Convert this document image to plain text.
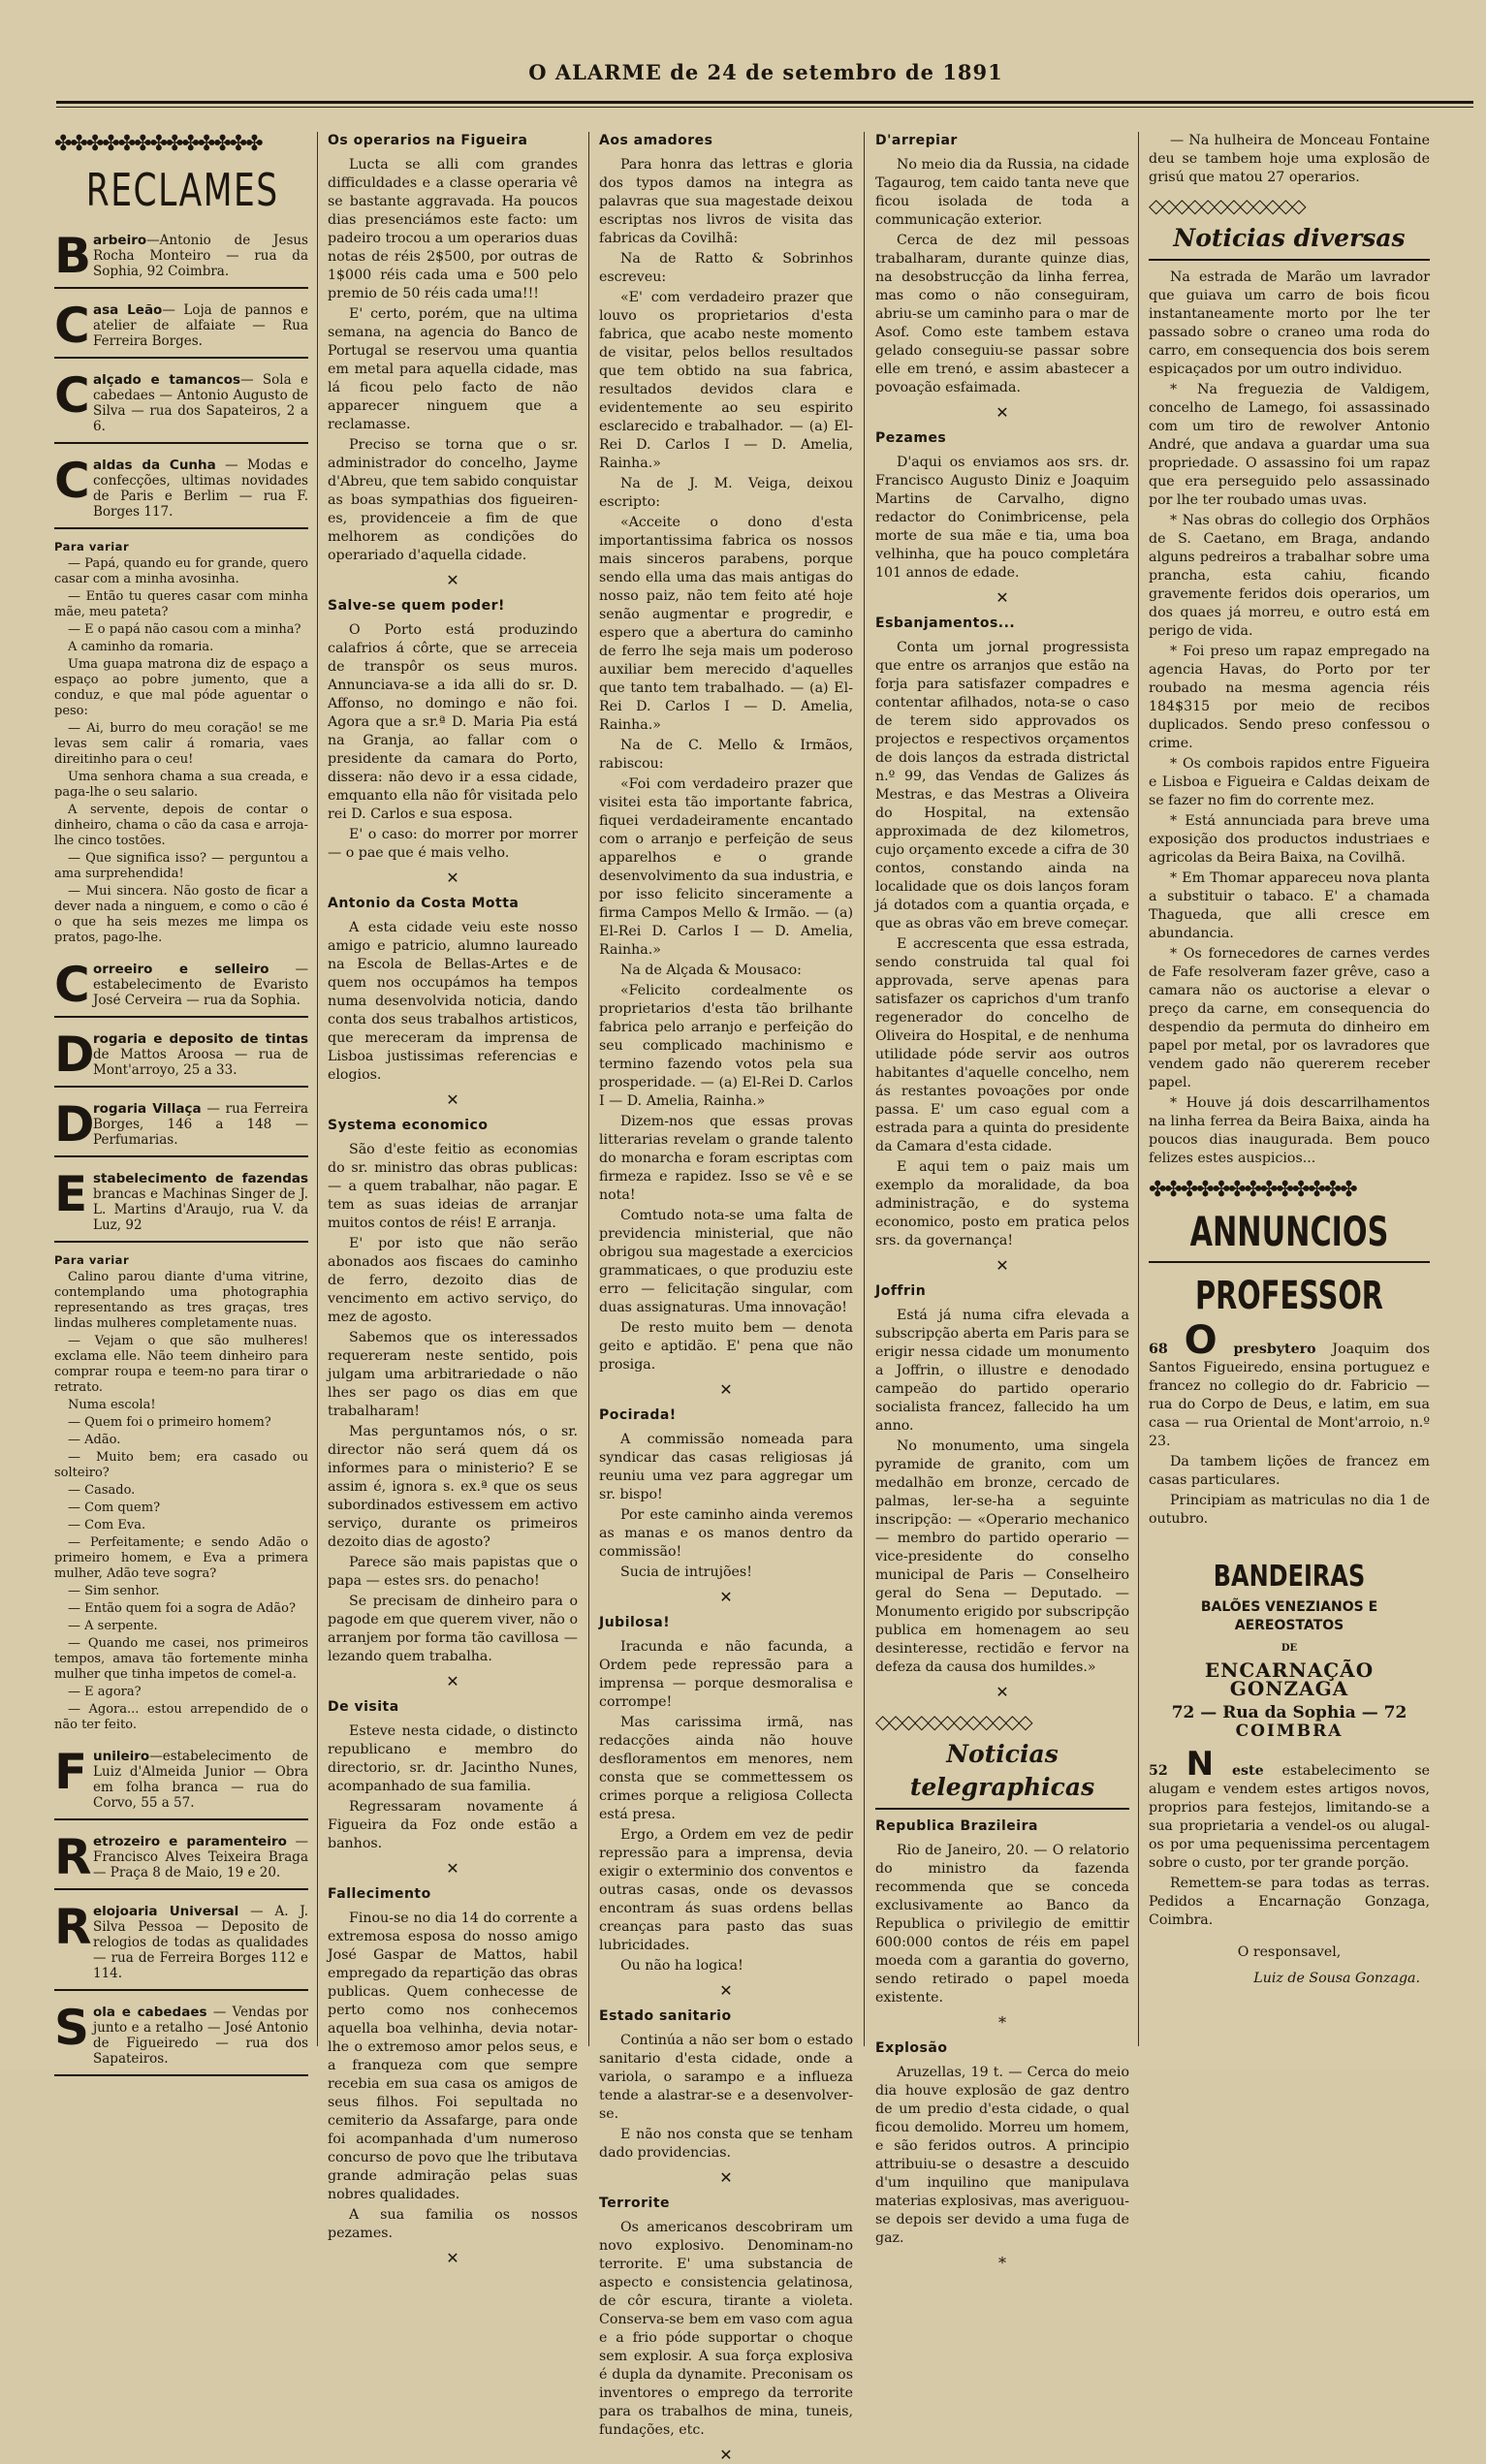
O ALARME de 24 de setembro de 1891
✤✤✤✤✤✤✤✤✤✤✤✤✤
RECLAMES
B arbeiro—Antonio de Jesus Rocha Monteiro — rua da Sophia, 92 Coimbra.
C asa Leão— Loja de pannos e atelier de alfaiate — Rua Ferreira Borges.
C alçado e tamancos— Sola e cabedaes — Antonio Augusto de Silva — rua dos Sapateiros, 2 a 6.
C aldas da Cunha — Modas e confecções, ultimas novidades de Paris e Berlim — rua F. Borges 117.
Para variar
— Papá, quando eu for grande, quero casar com a minha avosinha.
— Então tu queres casar com minha mãe, meu pateta?
— E o papá não casou com a minha?
A caminho da romaria.
Uma guapa matrona diz de espaço a espaço ao pobre jumento, que a conduz, e que mal póde aguentar o peso:
— Ai, burro do meu coração! se me levas sem calir á romaria, vaes direitinho para o ceu!
Uma senhora chama a sua creada, e paga-lhe o seu salario.
A servente, depois de contar o dinheiro, chama o cão da casa e arroja-lhe cinco tostões.
— Que significa isso? — perguntou a ama surprehendida!
— Mui sincera. Não gosto de ficar a dever nada a ninguem, e como o cão é o que ha seis mezes me limpa os pratos, pago-lhe.
C orreeiro e selleiro — estabelecimento de Evaristo José Cerveira — rua da Sophia.
D
rogaria e deposito de tintas de Mattos Aroosa — rua de Mont'arroyo, 25 a 33.
D
rogaria Villaça — rua Ferreira Borges, 146 a 148 — Perfumarias.
E stabelecimento de fazendas brancas e Machinas Singer de J. L. Martins d'Araujo, rua V. da Luz, 92
Para variar
Calino parou diante d'uma vitrine, contemplando uma photographia representando as tres graças, tres lindas mulheres completamente nuas.
— Vejam o que são mulheres! exclama elle. Não teem dinheiro para comprar roupa e teem-no para tirar o retrato.
Numa escola!
— Quem foi o primeiro homem?
— Adão.
— Muito bem; era casado ou solteiro?
— Casado.
— Com quem?
— Com Eva.
— Perfeitamente; e sendo Adão o primeiro homem, e Eva a primera mulher, Adão teve sogra?
— Sim senhor.
— Então quem foi a sogra de Adão?
— A serpente.
— Quando me casei, nos primeiros tempos, amava tão fortemente minha mulher que tinha impetos de comel-a.
— E agora?
— Agora... estou arrependido de o não ter feito.
F unileiro—estabelecimento de Luiz d'Almeida Junior — Obra em folha branca — rua do Corvo, 55 a 57.
R etrozeiro e paramenteiro — Francisco Alves Teixeira Braga — Praça 8 de Maio, 19 e 20.
R elojoaria Universal — A. J. Silva Pessoa — Deposito de relogios de todas as qualidades — rua de Ferreira Borges 112 e 114.
S ola e cabedaes — Vendas por junto e a retalho — José Antonio de Figueiredo — rua dos Sapateiros.
Os operarios na Figueira
Lucta se alli com grandes difficuldades e a classe operaria vê se bastante aggravada. Ha poucos dias presenciámos este facto: um padeiro trocou a um operarios duas notas de réis 2$500, por outras de 1$000 réis cada uma e 500 pelo premio de 50 réis cada uma!!!
E' certo, porém, que na ultima semana, na agencia do Banco de Portugal se reservou uma quantia em metal para aquella cidade, mas lá ficou pelo facto de não apparecer ninguem que a reclamasse.
Preciso se torna que o sr. administrador do concelho, Jayme d'Abreu, que tem sabido conquistar as boas sympathias dos figueiren-es, providenceie a fim de que melhorem as condições do operariado d'aquella cidade.
✕
Salve-se quem poder!
O Porto está produzindo calafrios á côrte, que se arreceia de transpôr os seus muros. Annunciava-se a ida alli do sr. D. Affonso, no domingo e não foi. Agora que a sr.ª D. Maria Pia está na Granja, ao fallar com o presidente da camara do Porto, dissera: não devo ir a essa cidade, emquanto ella não fôr visitada pelo rei D. Carlos e sua esposa.
E' o caso: do morrer por morrer — o pae que é mais velho.
✕
Antonio da Costa Motta
A esta cidade veiu este nosso amigo e patricio, alumno laureado na Escola de Bellas-Artes e de quem nos occupámos ha tempos numa desenvolvida noticia, dando conta dos seus trabalhos artisticos, que mereceram da imprensa de Lisboa justissimas referencias e elogios.
✕
Systema economico
São d'este feitio as economias do sr. ministro das obras publicas: — a quem trabalhar, não pagar. E tem as suas ideias de arranjar muitos contos de réis! E arranja.
E' por isto que não serão abonados aos fiscaes do caminho de ferro, dezoito dias de vencimento em activo serviço, do mez de agosto.
Sabemos que os interessados requereram neste sentido, pois julgam uma arbitrariedade o não lhes ser pago os dias em que trabalharam!
Mas perguntamos nós, o sr. director não será quem dá os informes para o ministerio? E se assim é, ignora s. ex.ª que os seus subordinados estivessem em activo serviço, durante os primeiros dezoito dias de agosto?
Parece são mais papistas que o papa — estes srs. do penacho!
Se precisam de dinheiro para o pagode em que querem viver, não o arranjem por forma tão cavillosa — lezando quem trabalha.
✕
De visita
Esteve nesta cidade, o distincto republicano e membro do directorio, sr. dr. Jacintho Nunes, acompanhado de sua familia.
Regressaram novamente á Figueira da Foz onde estão a banhos.
✕
Fallecimento
Finou-se no dia 14 do corrente a extremosa esposa do nosso amigo José Gaspar de Mattos, habil empregado da repartição das obras publicas. Quem conhecesse de perto como nos conhecemos aquella boa velhinha, devia notar-lhe o extremoso amor pelos seus, e a franqueza com que sempre recebia em sua casa os amigos de seus filhos. Foi sepultada no cemiterio da Assafarge, para onde foi acompanhada d'um numeroso concurso de povo que lhe tributava grande admiração pelas suas nobres qualidades.
A sua familia os nossos pezames.
✕
Aos amadores
Para honra das lettras e gloria dos typos damos na integra as palavras que sua magestade deixou escriptas nos livros de visita das fabricas da Covilhã:
Na de Ratto & Sobrinhos escreveu:
«E' com verdadeiro prazer que louvo os proprietarios d'esta fabrica, que acabo neste momento de visitar, pelos bellos resultados que tem obtido na sua fabrica, resultados devidos clara e evidentemente ao seu espirito esclarecido e trabalhador. — (a) El-Rei D. Carlos I — D. Amelia, Rainha.»
Na de J. M. Veiga, deixou escripto:
«Acceite o dono d'esta importantissima fabrica os nossos mais sinceros parabens, porque sendo ella uma das mais antigas do nosso paiz, não tem feito até hoje senão augmentar e progredir, e espero que a abertura do caminho de ferro lhe seja mais um poderoso auxiliar bem merecido d'aquelles que tanto tem trabalhado. — (a) El-Rei D. Carlos I — D. Amelia, Rainha.»
Na de C. Mello & Irmãos, rabiscou:
«Foi com verdadeiro prazer que visitei esta tão importante fabrica, fiquei verdadeiramente encantado com o arranjo e perfeição de seus apparelhos e o grande desenvolvimento da sua industria, e por isso felicito sinceramente a firma Campos Mello & Irmão. — (a) El-Rei D. Carlos I — D. Amelia, Rainha.»
Na de Alçada & Mousaco:
«Felicito cordealmente os proprietarios d'esta tão brilhante fabrica pelo arranjo e perfeição do seu complicado machinismo e termino fazendo votos pela sua prosperidade. — (a) El-Rei D. Carlos I — D. Amelia, Rainha.»
Dizem-nos que essas provas litterarias revelam o grande talento do monarcha e foram escriptas com firmeza e rapidez. Isso se vê e se nota!
Comtudo nota-se uma falta de previdencia ministerial, que não obrigou sua magestade a exercicios grammaticaes, o que produziu este erro — felicitação singular, com duas assignaturas. Uma innovação!
De resto muito bem — denota geito e aptidão. E' pena que não prosiga.
✕
Pocirada!
A commissão nomeada para syndicar das casas religiosas já reuniu uma vez para aggregar um sr. bispo!
Por este caminho ainda veremos as manas e os manos dentro da commissão!
Sucia de intrujões!
✕
Jubilosa!
Iracunda e não facunda, a Ordem pede repressão para a imprensa — porque desmoralisa e corrompe!
Mas carissima irmã, nas redacções ainda não houve desfloramentos em menores, nem consta que se commettessem os crimes porque a religiosa Collecta está presa.
Ergo, a Ordem em vez de pedir repressão para a imprensa, devia exigir o exterminio dos conventos e outras casas, onde os devassos encontram ás suas ordens bellas creanças para pasto das suas lubricidades.
Ou não ha logica!
✕
Estado sanitario
Continúa a não ser bom o estado sanitario d'esta cidade, onde a variola, o sarampo e a influeza tende a alastrar-se e a desenvolver-se.
E não nos consta que se tenham dado providencias.
✕
Terrorite
Os americanos descobriram um novo explosivo. Denominam-no terrorite. E' uma substancia de aspecto e consistencia gelatinosa, de côr escura, tirante a violeta. Conserva-se bem em vaso com agua e a frio póde supportar o choque sem explosir. A sua força explosiva é dupla da dynamite. Preconisam os inventores o emprego da terrorite para os trabalhos de mina, tuneis, fundações, etc.
✕
D'arrepiar
No meio dia da Russia, na cidade Tagaurog, tem caido tanta neve que ficou isolada de toda a communicação exterior.
Cerca de dez mil pessoas trabalharam, durante quinze dias, na desobstrucção da linha ferrea, mas como o não conseguiram, abriu-se um caminho para o mar de Asof. Como este tambem estava gelado conseguiu-se passar sobre elle em trenó, e assim abastecer a povoação esfaimada.
✕
Pezames
D'aqui os enviamos aos srs. dr. Francisco Augusto Diniz e Joaquim Martins de Carvalho, digno redactor do Conimbricense, pela morte de sua mãe e tia, uma boa velhinha, que ha pouco completára 101 annos de edade.
✕
Esbanjamentos...
Conta um jornal progressista que entre os arranjos que estão na forja para satisfazer compadres e contentar afilhados, nota-se o caso de terem sido approvados os projectos e respectivos orçamentos de dois lanços da estrada districtal n.º 99, das Vendas de Galizes ás Mestras, e das Mestras a Oliveira do Hospital, na extensão approximada de dez kilometros, cujo orçamento excede a cifra de 30 contos, constando ainda na localidade que os dois lanços foram já dotados com a quantia orçada, e que as obras vão em breve começar.
E accrescenta que essa estrada, sendo construida tal qual foi approvada, serve apenas para satisfazer os caprichos d'um tranfo regenerador do concelho de Oliveira do Hospital, e de nenhuma utilidade póde servir aos outros habitantes d'aquelle concelho, nem ás restantes povoações por onde passa. E' um caso egual com a estrada para a quinta do presidente da Camara d'esta cidade.
E aqui tem o paiz mais um exemplo da moralidade, da boa administração, e do systema economico, posto em pratica pelos srs. da governança!
✕
Joffrin
Está já numa cifra elevada a subscripção aberta em Paris para se erigir nessa cidade um monumento a Joffrin, o illustre e denodado campeão do partido operario socialista francez, fallecido ha um anno.
No monumento, uma singela pyramide de granito, com um medalhão em bronze, cercado de palmas, ler-se-ha a seguinte inscripção: — «Operario mechanico — membro do partido operario — vice-presidente do conselho municipal de Paris — Conselheiro geral do Sena — Deputado. — Monumento erigido por subscripção publica em homenagem ao seu desinteresse, rectidão e fervor na defeza da causa dos humildes.»
✕
◇◇◇◇◇◇◇◇◇◇◇◇
Noticias telegraphicas
Republica Brazileira
Rio de Janeiro, 20. — O relatorio do ministro da fazenda recommenda que se conceda exclusivamente ao Banco da Republica o privilegio de emittir 600:000 contos de réis em papel moeda com a garantia do governo, sendo retirado o papel moeda existente.
*
Explosão
Aruzellas, 19 t. — Cerca do meio dia houve explosão de gaz dentro de um predio d'esta cidade, o qual ficou demolido. Morreu um homem, e são feridos outros. A principio attribuiu-se o desastre a descuido d'um inquilino que manipulava materias explosivas, mas averiguou-se depois ser devido a uma fuga de gaz.
*
— Na hulheira de Monceau Fontaine deu se tambem hoje uma explosão de grisú que matou 27 operarios.
◇◇◇◇◇◇◇◇◇◇◇◇
Noticias diversas
Na estrada de Marão um lavrador que guiava um carro de bois ficou instantaneamente morto por lhe ter passado sobre o craneo uma roda do carro, em consequencia dos bois serem espicaçados por um outro individuo.
* Na freguezia de Valdigem, concelho de Lamego, foi assassinado com um tiro de rewolver Antonio André, que andava a guardar uma sua propriedade. O assassino foi um rapaz que era perseguido pelo assassinado por lhe ter roubado umas uvas.
* Nas obras do collegio dos Orphãos de S. Caetano, em Braga, andando alguns pedreiros a trabalhar sobre uma prancha, esta cahiu, ficando gravemente feridos dois operarios, um dos quaes já morreu, e outro está em perigo de vida.
* Foi preso um rapaz empregado na agencia Havas, do Porto por ter roubado na mesma agencia réis 184$315 por meio de recibos duplicados. Sendo preso confessou o crime.
* Os combois rapidos entre Figueira e Lisboa e Figueira e Caldas deixam de se fazer no fim do corrente mez.
* Está annunciada para breve uma exposição dos productos industriaes e agricolas da Beira Baixa, na Covilhã.
* Em Thomar appareceu nova planta a substituir o tabaco. E' a chamada Thagueda, que alli cresce em abundancia.
* Os fornecedores de carnes verdes de Fafe resolveram fazer grêve, caso a camara não os auctorise a elevar o preço da carne, em consequencia do despendio da permuta do dinheiro em papel por metal, por os lavradores que vendem gado não quererem receber papel.
* Houve já dois descarrilhamentos na linha ferrea da Beira Baixa, ainda ha poucos dias inaugurada. Bem pouco felizes estes auspicios...
✤✤✤✤✤✤✤✤✤✤✤✤✤
ANNUNCIOS
PROFESSOR
68 O presbytero Joaquim dos Santos Figueiredo, ensina portuguez e francez no collegio do dr. Fabricio — rua do Corpo de Deus, e latim, em sua casa — rua Oriental de Mont'arroio, n.º 23.
Da tambem lições de francez em casas particulares.
Principiam as matriculas no dia 1 de outubro.
BANDEIRAS
BALÕES VENEZIANOS E AEREOSTATOS
DE
ENCARNAÇÃO GONZAGA
72 — Rua da Sophia — 72
COIMBRA
52 N este estabelecimento se alugam e vendem estes artigos novos, proprios para festejos, limitando-se a sua proprietaria a vendel-os ou alugal-os por uma pequenissima percentagem sobre o custo, por ter grande porção.
Remettem-se para todas as terras. Pedidos a Encarnação Gonzaga, Coimbra.
O responsavel,
Luiz de Sousa Gonzaga.
